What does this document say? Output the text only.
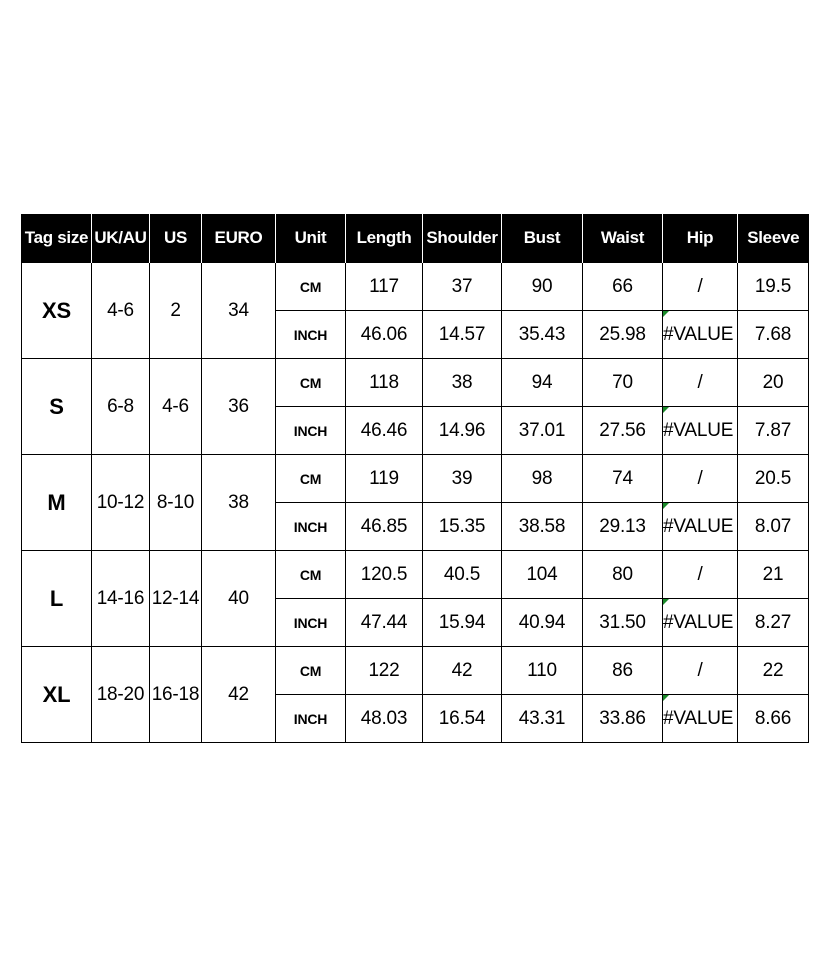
Tag size	UK/AU	US	EURO	Unit	Length	Shoulder	Bust	Waist	Hip	Sleeve
XS	4-6	2	34	CM	117	37	90	66	/	19.5
				INCH	46.06	14.57	35.43	25.98	#VALUE	7.68
S	6-8	4-6	36	CM	118	38	94	70	/	20
				INCH	46.46	14.96	37.01	27.56	#VALUE	7.87
M	10-12	8-10	38	CM	119	39	98	74	/	20.5
				INCH	46.85	15.35	38.58	29.13	#VALUE	8.07
L	14-16	12-14	40	CM	120.5	40.5	104	80	/	21
				INCH	47.44	15.94	40.94	31.50	#VALUE	8.27
XL	18-20	16-18	42	CM	122	42	110	86	/	22
				INCH	48.03	16.54	43.31	33.86	#VALUE	8.66
